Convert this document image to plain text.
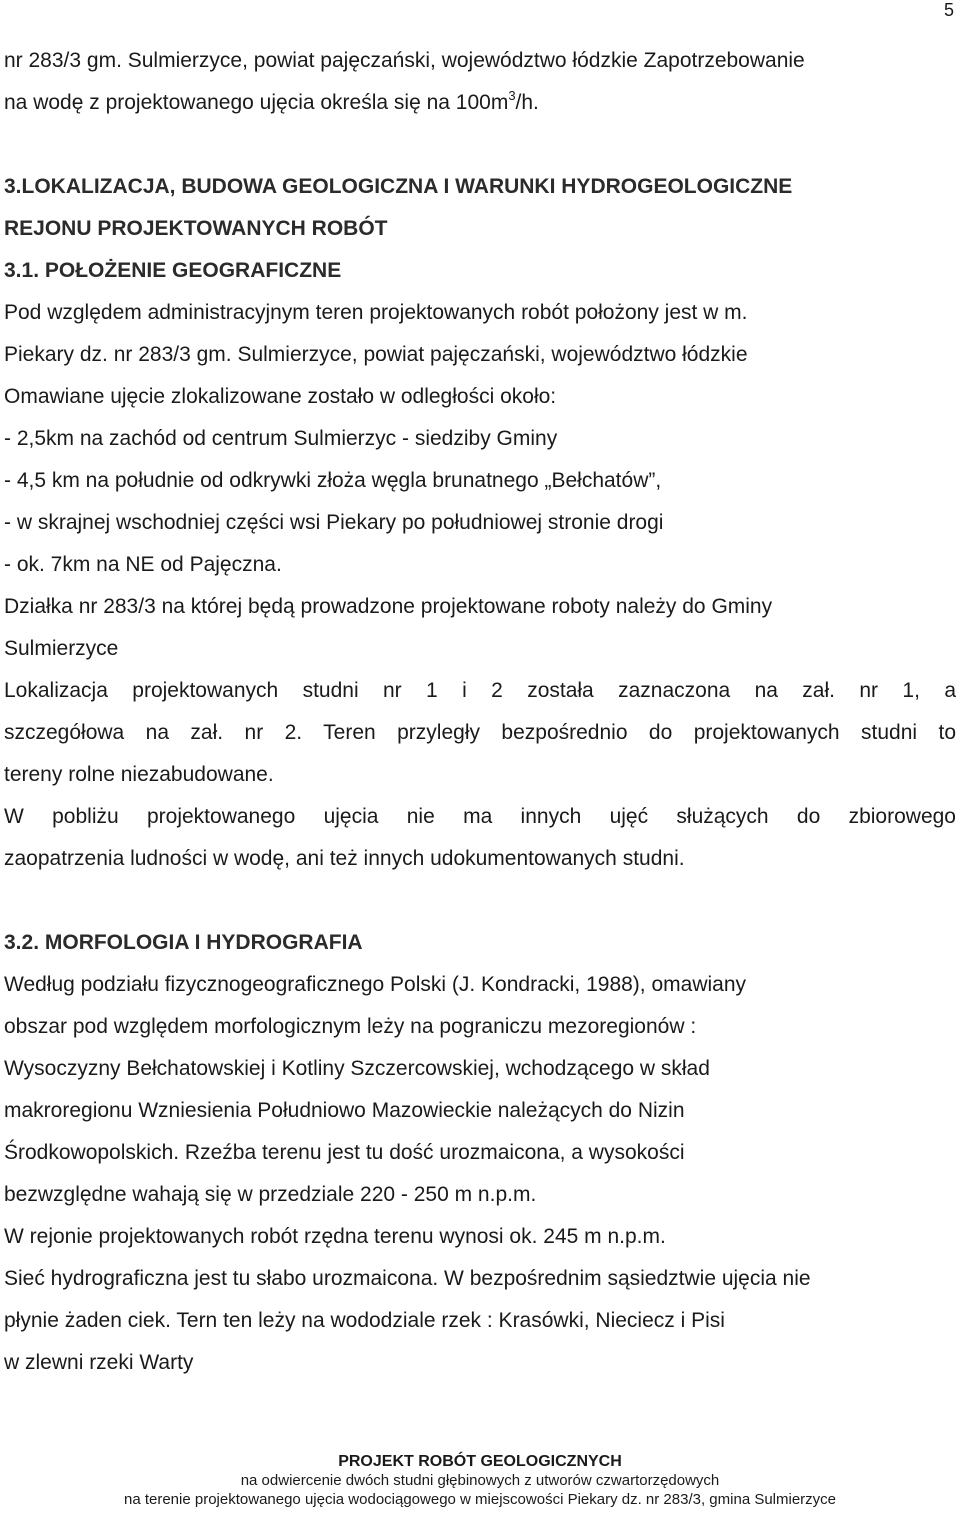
5
nr 283/3 gm. Sulmierzyce, powiat pajęczański, województwo łódzkie Zapotrzebowanie
na wodę z projektowanego ujęcia określa się na $100m^3/h$.
3.LOKALIZACJA, BUDOWA GEOLOGICZNA I WARUNKI HYDROGEOLOGICZNE
REJONU PROJEKTOWANYCH ROBÓT
3.1. POŁOŻENIE GEOGRAFICZNE
Pod względem administracyjnym teren projektowanych robót położony jest w m.
Piekary dz. nr 283/3 gm. Sulmierzyce, powiat pajęczański, województwo łódzkie
Omawiane ujęcie zlokalizowane zostało w odległości około:
- 2,5km na zachód od centrum Sulmierzyc - siedziby Gminy
- 4,5 km na południe od odkrywki złoża węgla brunatnego „Bełchatów”,
- w skrajnej wschodniej części wsi Piekary po południowej stronie drogi
- ok. 7km na NE od Pajęczna.
Działka nr 283/3 na której będą prowadzone projektowane roboty należy do Gminy
Sulmierzyce
Lokalizacja projektowanych studni nr 1 i 2 została zaznaczona na zał. nr 1, a
szczegółowa na zał. nr 2. Teren przyległy bezpośrednio do projektowanych studni to
tereny rolne niezabudowane.
W pobliżu projektowanego ujęcia nie ma innych ujęć służących do zbiorowego
zaopatrzenia ludności w wodę, ani też innych udokumentowanych studni.
3.2. MORFOLOGIA I HYDROGRAFIA
Według podziału fizycznogeograficznego Polski (J. Kondracki, 1988), omawiany
obszar pod względem morfologicznym leży na pograniczu mezoregionów :
Wysoczyzny Bełchatowskiej i Kotliny Szczercowskiej, wchodzącego w skład
makroregionu Wzniesienia Południowo Mazowieckie należących do Nizin
Środkowopolskich. Rzeźba terenu jest tu dość urozmaicona, a wysokości
bezwzględne wahają się w przedziale 220 - 250 m n.p.m.
W rejonie projektowanych robót rzędna terenu wynosi ok. 245 m n.p.m.
Sieć hydrograficzna jest tu słabo urozmaicona. W bezpośrednim sąsiedztwie ujęcia nie
płynie żaden ciek. Tern ten leży na wododziale rzek : Krasówki, Nieciecz i Pisi
w zlewni rzeki Warty
PROJEKT ROBÓT GEOLOGICZNYCH
na odwiercenie dwóch studni głębinowych z utworów czwartorzędowych
na terenie projektowanego ujęcia wodociągowego w miejscowości Piekary dz. nr 283/3, gmina Sulmierzyce
